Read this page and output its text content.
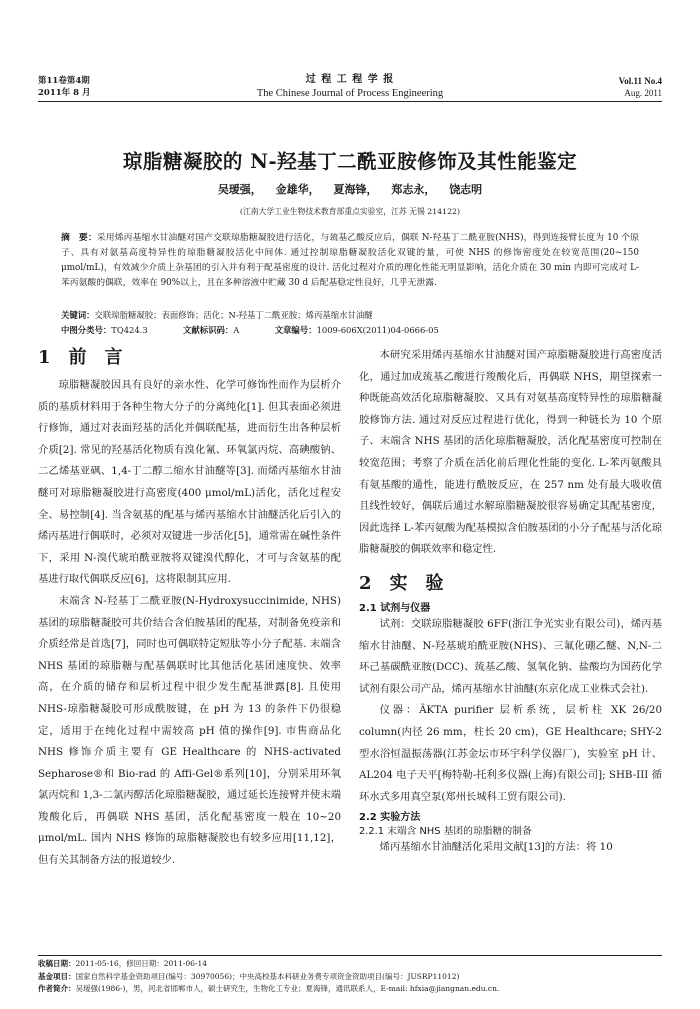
第11卷第4期
2011年 8 月
过 程 工 程 学 报
The Chinese Journal of Process Engineering
Vol.11 No.4
Aug. 2011
琼脂糖凝胶的 N-羟基丁二酰亚胺修饰及其性能鉴定
吴瑷强， 金雄华， 夏海锋， 郑志永， 饶志明
(江南大学工业生物技术教育部重点实验室，江苏 无锡 214122)
摘　要：采用烯丙基缩水甘油醚对国产交联琼脂糖凝胶进行活化，与巯基乙酸反应后，偶联 N-羟基丁二酰亚胺(NHS)，得到连接臂长度为 10 个原子、具有对氨基高度特异性的琼脂糖凝胶活化中间体. 通过控制琼脂糖凝胶活化双键的量，可使 NHS 的修饰密度处在较宽范围(20~150 μmol/mL)，有效减少介质上杂基团的引入并有利于配基密度的设计. 活化过程对介质的理化性能无明显影响，活化介质在 30 min 内即可完成对 L-苯丙氨酸的偶联，效率在 90%以上，且在多种溶液中贮藏 30 d 后配基稳定性良好，几乎无泄露.
关键词：交联琼脂糖凝胶；表面修饰；活化；N-羟基丁二酰亚胺；烯丙基缩水甘油醚
中图分类号：TQ424.3	文献标识码：A	文章编号：1009-606X(2011)04-0666-05
1　前　言

琼脂糖凝胶因具有良好的亲水性、化学可修饰性而作为层析介质的基质材料用于各种生物大分子的分离纯化[1]. 但其表面必须进行修饰，通过对表面羟基的活化并偶联配基，进而衍生出各种层析介质[2]. 常见的羟基活化物质有溴化氰、环氧氯丙烷、高碘酸钠、二乙烯基亚砜、1,4-丁二醇二缩水甘油醚等[3]. 而烯丙基缩水甘油醚可对琼脂糖凝胶进行高密度(400 μmol/mL)活化，活化过程安全、易控制[4]. 当含氨基的配基与烯丙基缩水甘油醚活化后引入的烯丙基进行偶联时，必须对双键进一步活化[5]，通常需在碱性条件下，采用 N-溴代琥珀酰亚胺将双键溴代醇化，才可与含氨基的配基进行取代偶联反应[6]，这将限制其应用.

末端含 N-羟基丁二酰亚胺(N-Hydroxysuccinimide, NHS)基团的琼脂糖凝胶可共价结合含伯胺基团的配基，对制备免疫亲和介质经常是首选[7]，同时也可偶联特定短肽等小分子配基. 末端含 NHS 基团的琼脂糖与配基偶联时比其他活化基团速度快、效率高，在介质的储存和层析过程中很少发生配基泄露[8]. 且使用 NHS-琼脂糖凝胶可形成酰胺键，在 pH 为 13 的条件下仍很稳定，适用于在纯化过程中需较高 pH 值的操作[9]. 市售商品化 NHS 修饰介质主要有 GE Healthcare 的 NHS-activated Sepharose®和 Bio-rad 的 Affi-Gel®系列[10]，分别采用环氧氯丙烷和 1,3-二氯丙醇活化琼脂糖凝胶，通过延长连接臂并使末端羧酸化后，再偶联 NHS 基团，活化配基密度一般在 10~20 μmol/mL. 国内 NHS 修饰的琼脂糖凝胶也有较多应用[11,12]，但有关其制备方法的报道较少.

本研究采用烯丙基缩水甘油醚对国产琼脂糖凝胶进行高密度活化，通过加成巯基乙酸进行羧酸化后，再偶联 NHS，期望探索一种既能高效活化琼脂糖凝胶、又具有对氨基高度特异性的琼脂糖凝胶修饰方法. 通过对反应过程进行优化，得到一种链长为 10 个原子、末端含 NHS 基团的活化琼脂糖凝胶，活化配基密度可控制在较宽范围；考察了介质在活化前后理化性能的变化. L-苯丙氨酸具有氨基酸的通性，能进行酰胺反应，在 257 nm 处有最大吸收值且线性较好，偶联后通过水解琼脂糖凝胶很容易确定其配基密度，因此选择 L-苯丙氨酸为配基模拟含伯胺基团的小分子配基与活化琼脂糖凝胶的偶联效率和稳定性.

2　实　验
2.1 试剂与仪器

试剂：交联琼脂糖凝胶 6FF(浙江争光实业有限公司)，烯丙基缩水甘油醚、N-羟基琥珀酰亚胺(NHS)、三氟化硼乙醚、N,N-二环己基碳酰亚胺(DCC)、巯基乙酸、氢氧化钠、盐酸均为国药化学试剂有限公司产品，烯丙基缩水甘油醚(东京化成工业株式会社).

仪器：ÄKTA purifier 层析系统，层析柱 XK 26/20 column(内径 26 mm，柱长 20 cm)，GE Healthcare; SHY-2 型水浴恒温振荡器(江苏金坛市环宇科学仪器厂)，实验室 pH 计、AL204 电子天平[梅特勒-托利多仪器(上海)有限公司]; SHB-III 循环水式多用真空泵(郑州长城科工贸有限公司).

2.2 实验方法
2.2.1 末端含 NHS 基团的琼脂糖的制备

烯丙基缩水甘油醚活化采用文献[13]的方法：将 10

收稿日期：2011-05-16，修回日期：2011-06-14
基金项目：国家自然科学基金资助项目(编号：30970056)；中央高校基本科研业务费专项资金资助项目(编号：JUSRP11012)
作者简介：吴瑷强(1986-)，男，河北省邯郸市人，硕士研究生，生物化工专业；夏海锋，通讯联系人，E-mail: hfxia@jiangnan.edu.cn.
